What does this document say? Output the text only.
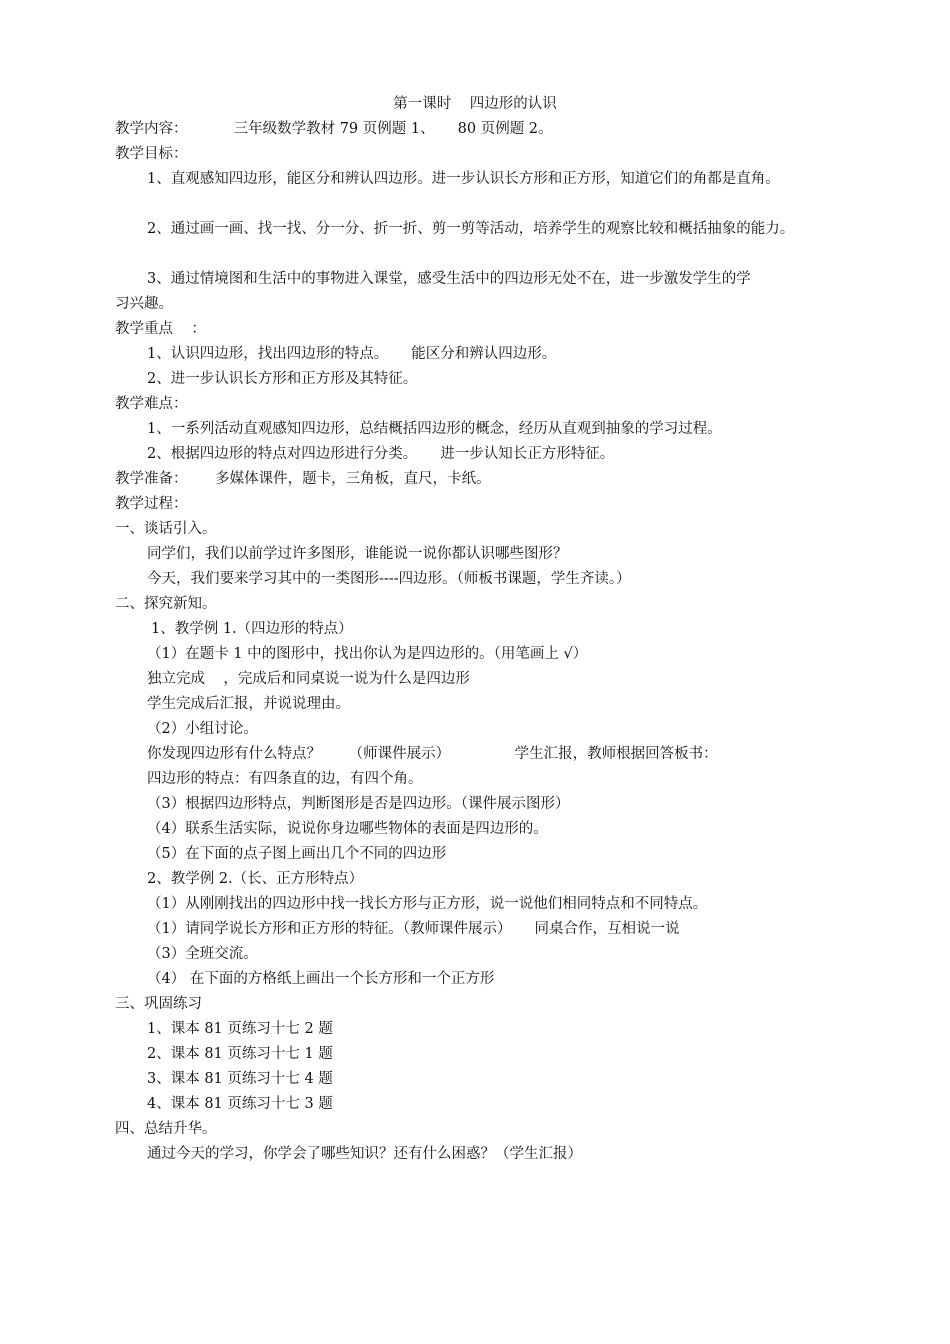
第一课时    四边形的认识
教学内容：          三年级数学教材 79 页例题 1、     80 页例题 2。
教学目标：
1、直观感知四边形，能区分和辨认四边形。进一步认识长方形和正方形，知道它们的角都是直角。
2、通过画一画、找一找、分一分、折一折、剪一剪等活动，培养学生的观察比较和概括抽象的能力。
3、通过情境图和生活中的事物进入课堂，感受生活中的四边形无处不在，进一步激发学生的学
习兴趣。
教学重点    ：
1、认识四边形，找出四边形的特点。     能区分和辨认四边形。
2、进一步认识长方形和正方形及其特征。
教学难点：
1、一系列活动直观感知四边形，总结概括四边形的概念，经历从直观到抽象的学习过程。
2、根据四边形的特点对四边形进行分类。     进一步认知长正方形特征。
教学准备：      多媒体课件，题卡，三角板，直尺，卡纸。
教学过程：
一、谈话引入。
同学们，我们以前学过许多图形，谁能说一说你都认识哪些图形？
今天，我们要来学习其中的一类图形----四边形。（师板书课题，学生齐读。）
二、探究新知。
1、教学例 1.（四边形的特点）
（1）在题卡 1 中的图形中，找出你认为是四边形的。（用笔画上 √）
独立完成    ，完成后和同桌说一说为什么是四边形
学生完成后汇报，并说说理由。
（2）小组讨论。
你发现四边形有什么特点？      （师课件展示）              学生汇报，教师根据回答板书：
四边形的特点：有四条直的边，有四个角。
（3）根据四边形特点，判断图形是否是四边形。（课件展示图形）
（4）联系生活实际，说说你身边哪些物体的表面是四边形的。
（5）在下面的点子图上画出几个不同的四边形
2、教学例 2.（长、正方形特点）
（1）从刚刚找出的四边形中找一找长方形与正方形，说一说他们相同特点和不同特点。
（1）请同学说长方形和正方形的特征。（教师课件展示）     同桌合作，互相说一说
（3）全班交流。
（4） 在下面的方格纸上画出一个长方形和一个正方形
三、巩固练习
1、课本 81 页练习十七 2 题
2、课本 81 页练习十七 1 题
3、课本 81 页练习十七 4 题
4、课本 81 页练习十七 3 题
四、总结升华。
通过今天的学习，你学会了哪些知识？还有什么困惑？（学生汇报）
